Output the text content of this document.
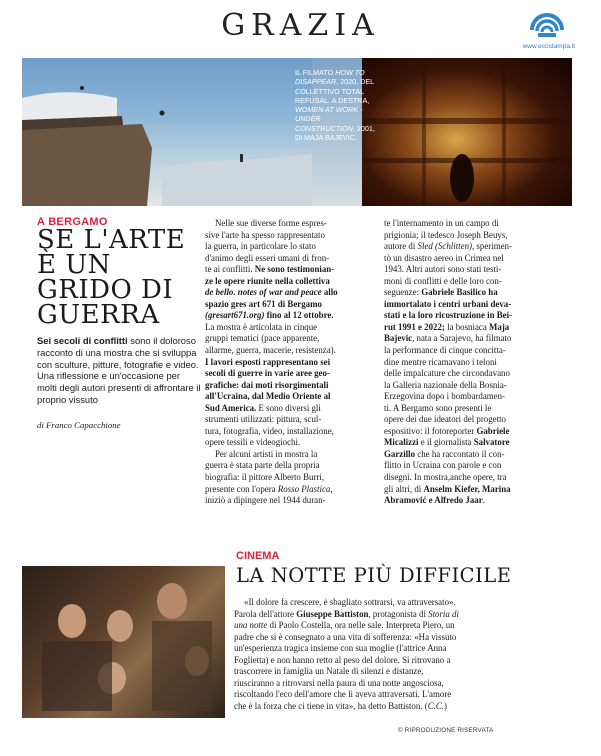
GRAZIA
www.ecostampa.it
IL FILMATO HOW TO DISAPPEAR, 2020, DEL COLLETTIVO TOTAL REFUSAL. A DESTRA, WOMEN AT WORK - UNDER CONSTRUCTION, 2001, DI MAJA BAJEVIC.
A BERGAMO
SE L'ARTE
È UN
GRIDO DI
GUERRA
Sei secoli di conflitti sono il doloroso racconto di una mostra che si sviluppa con sculture, pitture, fotografie e video. Una riflessione e un'occasione per molti degli autori presenti di affrontare il proprio vissuto
di Franco Capacchione
Nelle sue diverse forme espres-
sive l'arte ha spesso rappresentato
la guerra, in particolare lo stato
d'animo degli esseri umani di fron-
te ai conflitti. Ne sono testimonian-
ze le opere riunite nella collettiva
de bello. notes of war and peace allo
spazio gres art 671 di Bergamo
(gresart671.org) fino al 12 ottobre.
La mostra è articolata in cinque
gruppi tematici (pace apparente,
allarme, guerra, macerie, resistenza).
I lavori esposti rappresentano sei
secoli di guerre in varie aree geo-
grafiche: dai moti risorgimentali
all'Ucraina, dal Medio Oriente al
Sud America. E sono diversi gli
strumenti utilizzati: pittura, scul-
tura, fotografia, video, installazione,
opere tessili e videogiochi.
Per alcuni artisti in mostra la
guerra è stata parte della propria
biografia: il pittore Alberto Burri,
presente con l'opera Rosso Plastica,
iniziò a dipingere nel 1944 duran-
te l'internamento in un campo di
prigionia; il tedesco Joseph Beuys,
autore di Sled (Schlitten), sperimen-
tò un disastro aereo in Crimea nel
1943. Altri autori sono stati testi-
moni di conflitti e delle loro con-
seguenze: Gabriele Basilico ha
immortalato i centri urbani deva-
stati e la loro ricostruzione in Bei-
rut 1991 e 2022; la bosniaca Maja
Bajevic, nata a Sarajevo, ha filmato
la performance di cinque concitta-
dine mentre ricamavano i teloni
delle impalcature che circondavano
la Galleria nazionale della Bosnia-
Erzegovina dopo i bombardamen-
ti. A Bergamo sono presenti le
opere dei due ideatori del progetto
espositivo: il fotoreporter Gabriele
Micalizzi e il giornalista Salvatore
Garzillo che ha raccontato il con-
flitto in Ucraina con parole e con
disegni. In mostra,anche opere, tra
gli altri, di Anselm Kiefer, Marina
Abramović e Alfredo Jaar.
CINEMA
LA NOTTE PIÙ DIFFICILE
«Il dolore fa crescere, è sbagliato sottrarsi, va attraversato».
Parola dell'attore Giuseppe Battiston, protagonista di Storia di
una notte di Paolo Costella, ora nelle sale. Interpreta Piero, un
padre che si è consegnato a una vita di sofferenza: «Ha vissuto
un'esperienza tragica insieme con sua moglie (l'attrice Anna
Foglietta) e non hanno retto al peso del dolore. Si ritrovano a
trascorrere in famiglia un Natale di silenzi e distanze,
riusciranno a ritrovarsi nella paura di una notte angosciosa,
riscoltando l'eco dell'amore che li aveva attraversati. L'amore
che è la forza che ci tiene in vita», ha detto Battiston. (C.C.)
© RIPRODUZIONE RISERVATA
